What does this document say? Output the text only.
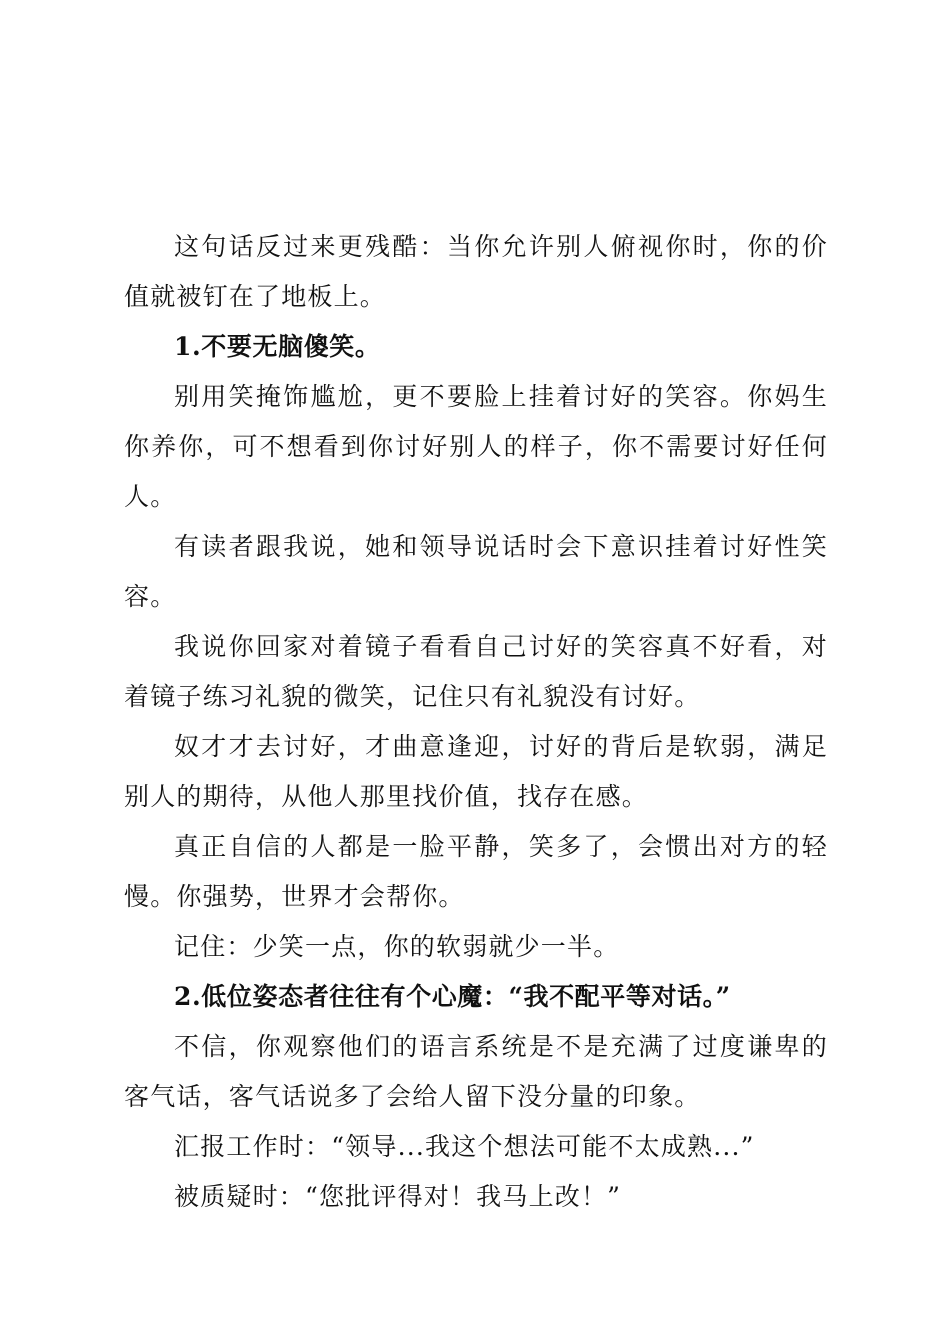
这句话反过来更残酷：当你允许别人俯视你时，你的价值就被钉在了地板上。

1.不要无脑傻笑。

别用笑掩饰尴尬，更不要脸上挂着讨好的笑容。你妈生你养你，可不想看到你讨好别人的样子，你不需要讨好任何人。

有读者跟我说，她和领导说话时会下意识挂着讨好性笑容。

我说你回家对着镜子看看自己讨好的笑容真不好看，对着镜子练习礼貌的微笑，记住只有礼貌没有讨好。

奴才才去讨好，才曲意逢迎，讨好的背后是软弱，满足别人的期待，从他人那里找价值，找存在感。

真正自信的人都是一脸平静，笑多了，会惯出对方的轻慢。你强势，世界才会帮你。

记住：少笑一点，你的软弱就少一半。

2.低位姿态者往往有个心魔：“我不配平等对话。”

不信，你观察他们的语言系统是不是充满了过度谦卑的客气话，客气话说多了会给人留下没分量的印象。

汇报工作时：“领导...我这个想法可能不太成熟...”

被质疑时：“您批评得对！我马上改！”
